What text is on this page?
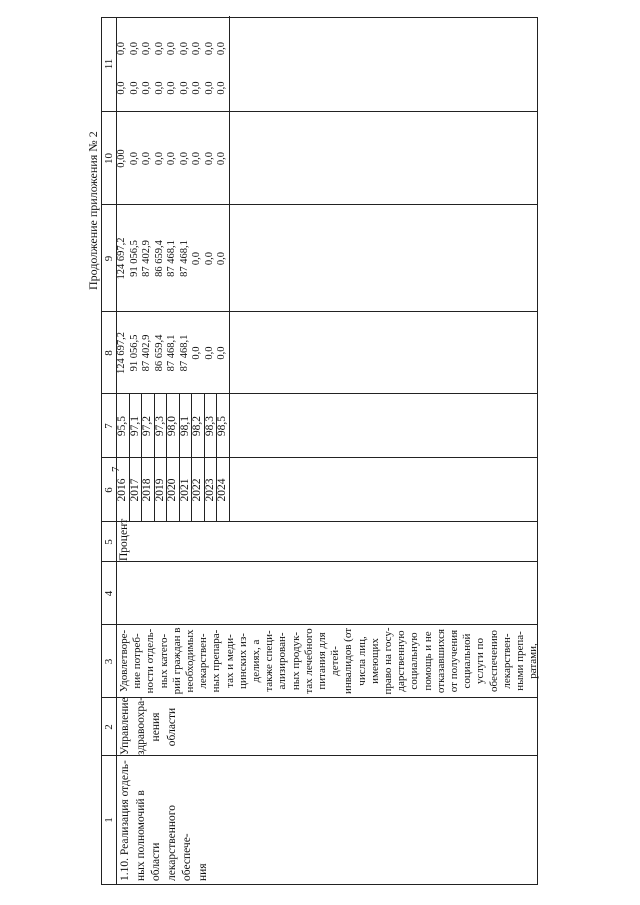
7
Продолжение приложения № 2
1
2
3
4
5
6
7
8
9
10
11
1.10. Реализация отдель- ных полномочий в области лекарственного обеспече- ния
Управление здравоохра- нения области
Удовлетворе- ние потреб- ности отдель- ных катего- рий граждан в необходимых лекарствен- ных препара- тах и меди- цинских из- делиях, а также специ- ализирован- ных продук- тах лечебного питания для детей- инвалидов (от числа лиц, имеющих право на госу- дарственную социальную помощь и не отказавшихся от получения социальной услуги по обеспечению лекарствен- ными препа- ратами,
Процент
2016 2017 2018 2019 2020 2021 2022 2023 2024
95,5 97,1 97,2 97,3 98,0 98,1 98,2 98,3 98,5
124 697,2 91 056,5 87 402,9 86 659,4 87 468,1 87 468,1 0,0 0,0 0,0
124 697,2 91 056,5 87 402,9 86 659,4 87 468,1 87 468,1 0,0 0,0 0,0
0,00 0,0 0,0 0,0 0,0 0,0 0,0 0,0 0,0
0,0 0,0 0,0 0,0 0,0 0,0 0,0 0,0 0,0
0,0 0,0 0,0 0,0 0,0 0,0 0,0 0,0 0,0
